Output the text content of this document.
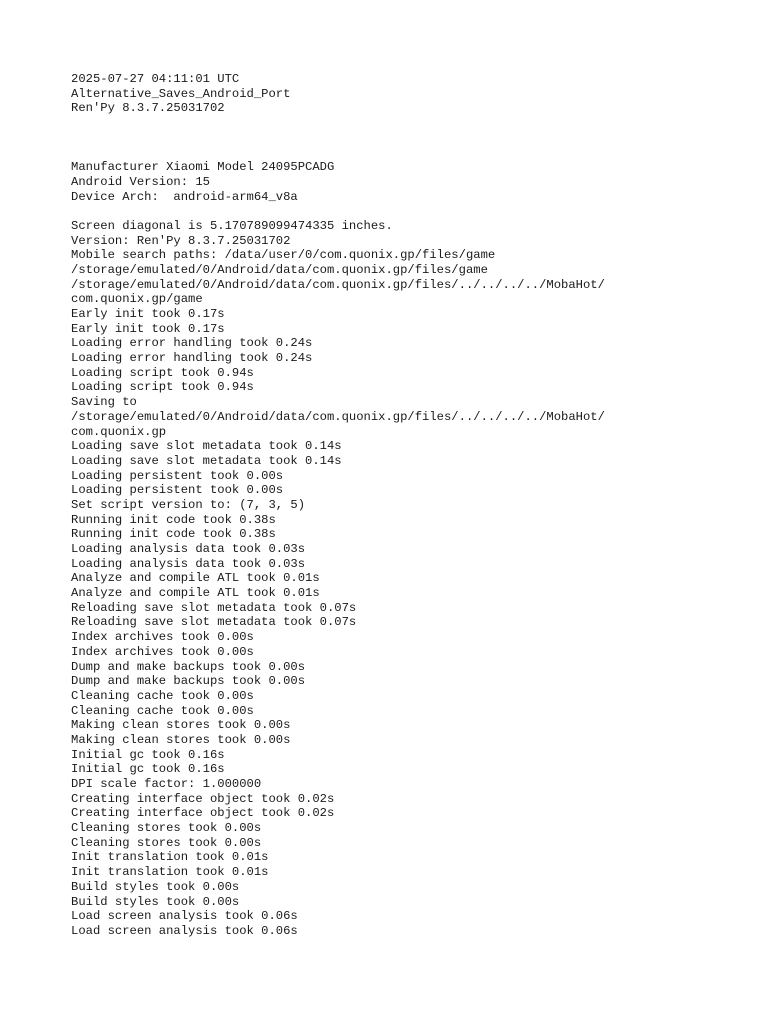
2025-07-27 04:11:01 UTC
Alternative_Saves_Android_Port
Ren'Py 8.3.7.25031702
Manufacturer Xiaomi Model 24095PCADG
Android Version: 15
Device Arch:  android-arm64_v8a
Screen diagonal is 5.170789099474335 inches.
Version: Ren'Py 8.3.7.25031702
Mobile search paths: /data/user/0/com.quonix.gp/files/game
/storage/emulated/0/Android/data/com.quonix.gp/files/game
/storage/emulated/0/Android/data/com.quonix.gp/files/../../../../MobaHot/
com.quonix.gp/game
Early init took 0.17s
Early init took 0.17s
Loading error handling took 0.24s
Loading error handling took 0.24s
Loading script took 0.94s
Loading script took 0.94s
Saving to
/storage/emulated/0/Android/data/com.quonix.gp/files/../../../../MobaHot/
com.quonix.gp
Loading save slot metadata took 0.14s
Loading save slot metadata took 0.14s
Loading persistent took 0.00s
Loading persistent took 0.00s
Set script version to: (7, 3, 5)
Running init code took 0.38s
Running init code took 0.38s
Loading analysis data took 0.03s
Loading analysis data took 0.03s
Analyze and compile ATL took 0.01s
Analyze and compile ATL took 0.01s
Reloading save slot metadata took 0.07s
Reloading save slot metadata took 0.07s
Index archives took 0.00s
Index archives took 0.00s
Dump and make backups took 0.00s
Dump and make backups took 0.00s
Cleaning cache took 0.00s
Cleaning cache took 0.00s
Making clean stores took 0.00s
Making clean stores took 0.00s
Initial gc took 0.16s
Initial gc took 0.16s
DPI scale factor: 1.000000
Creating interface object took 0.02s
Creating interface object took 0.02s
Cleaning stores took 0.00s
Cleaning stores took 0.00s
Init translation took 0.01s
Init translation took 0.01s
Build styles took 0.00s
Build styles took 0.00s
Load screen analysis took 0.06s
Load screen analysis took 0.06s
